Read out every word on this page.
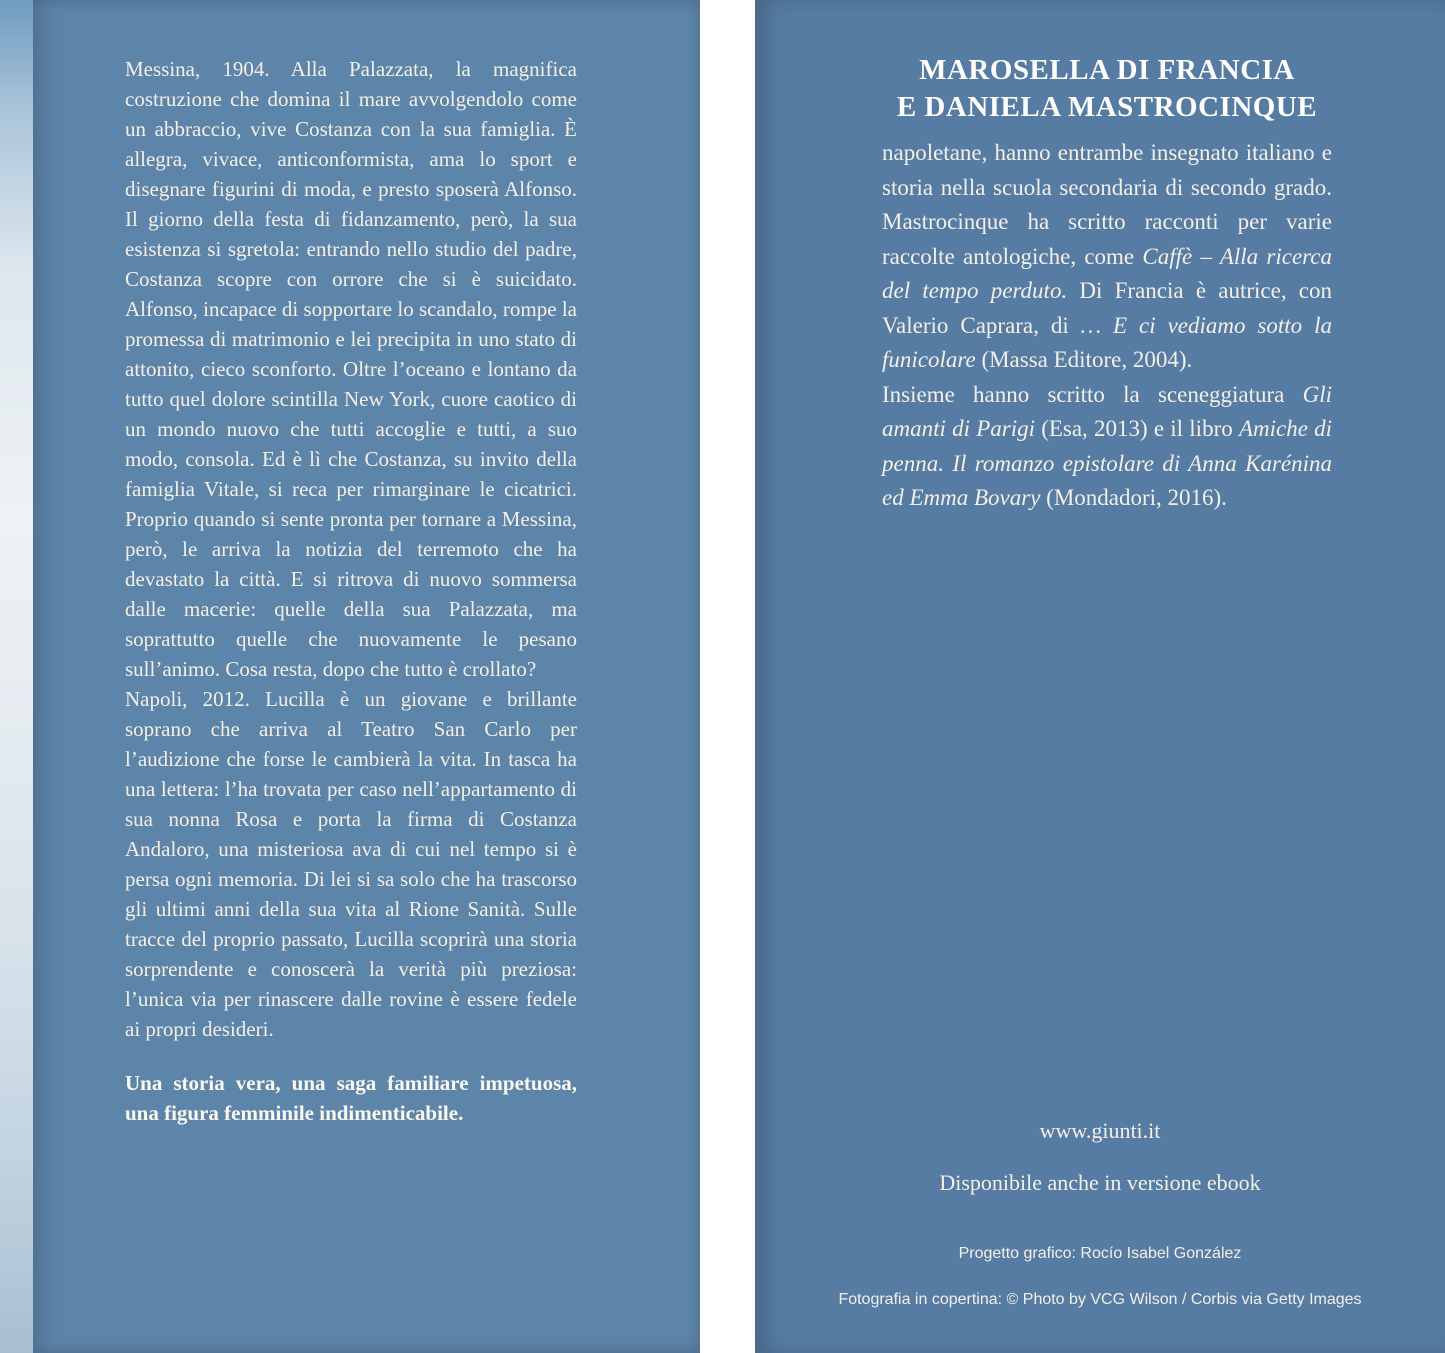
Messina, 1904. Alla Palazzata, la magnifica costruzione che domina il mare avvolgendolo come un abbraccio, vive Costanza con la sua famiglia. È allegra, vivace, anticonformista, ama lo sport e disegnare figurini di moda, e presto sposerà Alfonso. Il giorno della festa di fidanzamento, però, la sua esistenza si sgretola: entrando nello studio del padre, Costanza scopre con orrore che si è suicidato. Alfonso, incapace di sopportare lo scandalo, rompe la promessa di matrimonio e lei precipita in uno stato di attonito, cieco sconforto. Oltre l’oceano e lontano da tutto quel dolore scintilla New York, cuore caotico di un mondo nuovo che tutti accoglie e tutti, a suo modo, consola. Ed è lì che Costanza, su invito della famiglia Vitale, si reca per rimarginare le cicatrici. Proprio quando si sente pronta per tornare a Messina, però, le arriva la notizia del terremoto che ha devastato la città. E si ritrova di nuovo sommersa dalle macerie: quelle della sua Palazzata, ma soprattutto quelle che nuovamente le pesano sull’animo. Cosa resta, dopo che tutto è crollato?

Napoli, 2012. Lucilla è un giovane e brillante soprano che arriva al Teatro San Carlo per l’audizione che forse le cambierà la vita. In tasca ha una lettera: l’ha trovata per caso nell’appartamento di sua nonna Rosa e porta la firma di Costanza Andaloro, una misteriosa ava di cui nel tempo si è persa ogni memoria. Di lei si sa solo che ha trascorso gli ultimi anni della sua vita al Rione Sanità. Sulle tracce del proprio passato, Lucilla scoprirà una storia sorprendente e conoscerà la verità più preziosa: l’unica via per rinascere dalle rovine è essere fedele ai propri desideri.

Una storia vera, una saga familiare impetuosa, una figura femminile indimenticabile.

MAROSELLA DI FRANCIA
E DANIELA MASTROCINQUE

napoletane, hanno entrambe insegnato italiano e storia nella scuola secondaria di secondo grado. Mastrocinque ha scritto racconti per varie raccolte antologiche, come Caffè – Alla ricerca del tempo perduto. Di Francia è autrice, con Valerio Caprara, di … E ci vediamo sotto la funicolare (Massa Editore, 2004).

Insieme hanno scritto la sceneggiatura Gli amanti di Parigi (Esa, 2013) e il libro Amiche di penna. Il romanzo epistolare di Anna Karénina ed Emma Bovary (Mondadori, 2016).

www.giunti.it

Disponibile anche in versione ebook

Progetto grafico: Rocío Isabel González

Fotografia in copertina: © Photo by VCG Wilson / Corbis via Getty Images
